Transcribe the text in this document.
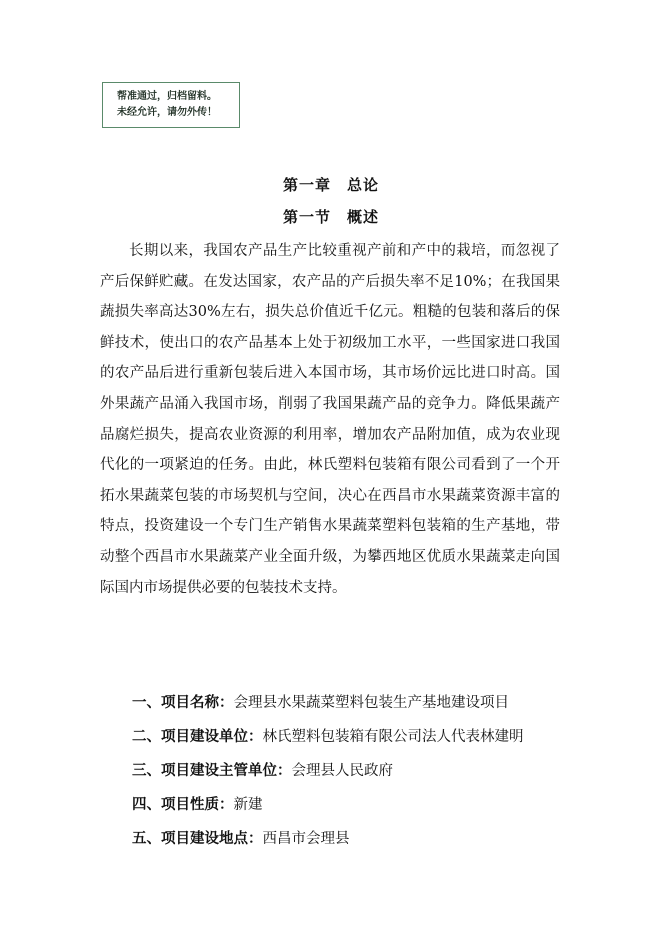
帮准通过，归档留料。
未经允许，请勿外传！
第一章　总论
第一节　概述

长期以来，我国农产品生产比较重视产前和产中的栽培，而忽视了产后保鲜贮藏。在发达国家，农产品的产后损失率不足10%；在我国果蔬损失率高达30%左右，损失总价值近千亿元。粗糙的包装和落后的保鲜技术，使出口的农产品基本上处于初级加工水平，一些国家进口我国的农产品后进行重新包装后进入本国市场，其市场价远比进口时高。国外果蔬产品涌入我国市场，削弱了我国果蔬产品的竞争力。降低果蔬产品腐烂损失，提高农业资源的利用率，增加农产品附加值，成为农业现代化的一项紧迫的任务。由此，林氏塑料包装箱有限公司看到了一个开拓水果蔬菜包装的市场契机与空间，决心在西昌市水果蔬菜资源丰富的特点，投资建设一个专门生产销售水果蔬菜塑料包装箱的生产基地，带动整个西昌市水果蔬菜产业全面升级，为攀西地区优质水果蔬菜走向国际国内市场提供必要的包装技术支持。

一、项目名称：会理县水果蔬菜塑料包装生产基地建设项目
二、项目建设单位：林氏塑料包装箱有限公司法人代表林建明
三、项目建设主管单位：会理县人民政府
四、项目性质：新建
五、项目建设地点：西昌市会理县
